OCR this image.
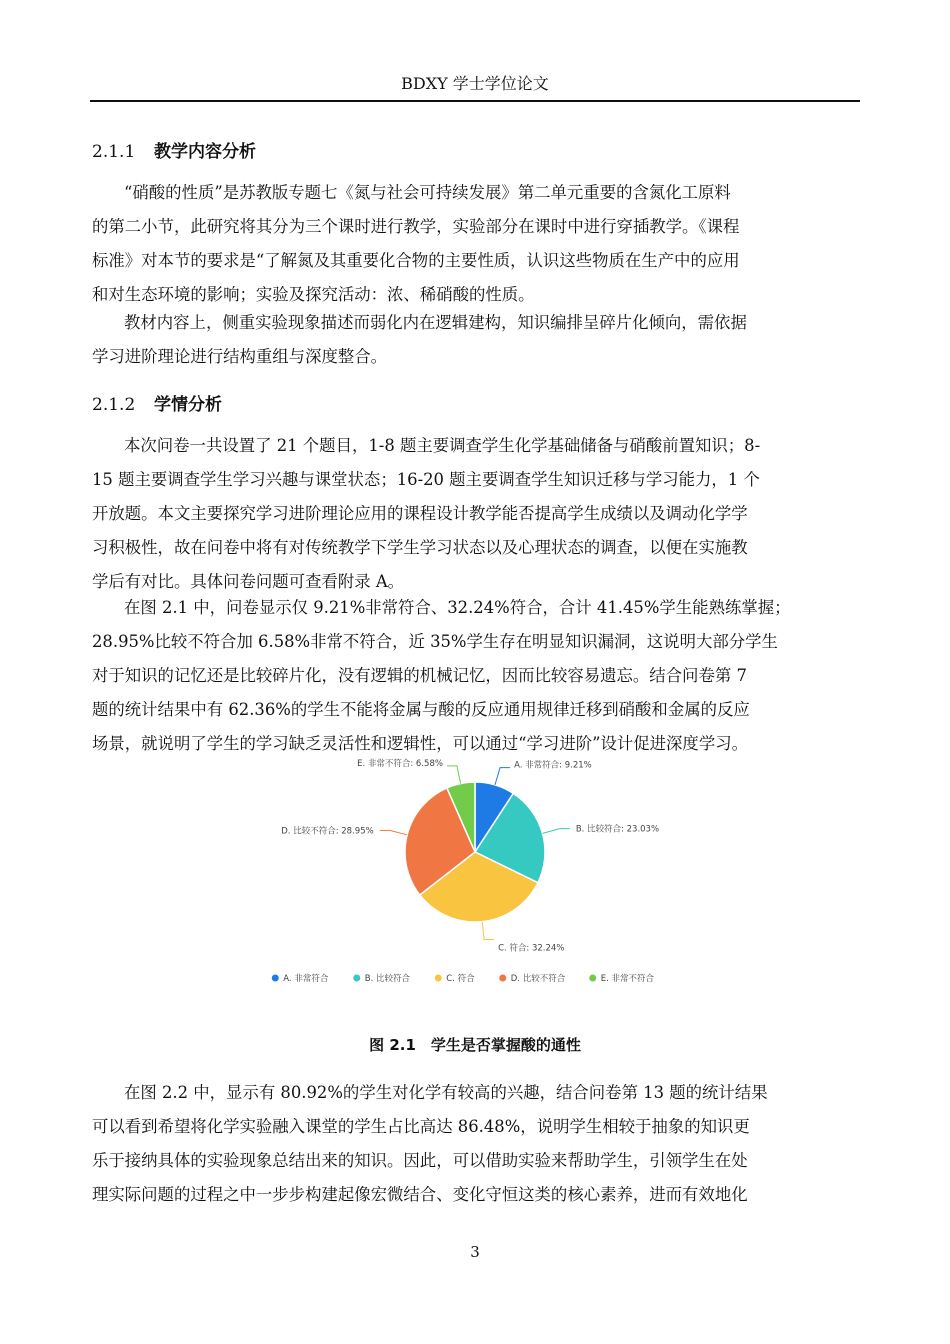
BDXY 学士学位论文
2.1.1 教学内容分析
“硝酸的性质”是苏教版专题七《氮与社会可持续发展》第二单元重要的含氮化工原料
的第二小节，此研究将其分为三个课时进行教学，实验部分在课时中进行穿插教学。《课程
标准》对本节的要求是“了解氮及其重要化合物的主要性质，认识这些物质在生产中的应用
和对生态环境的影响；实验及探究活动：浓、稀硝酸的性质。
教材内容上，侧重实验现象描述而弱化内在逻辑建构，知识编排呈碎片化倾向，需依据
学习进阶理论进行结构重组与深度整合。
2.1.2 学情分析
本次问卷一共设置了 21 个题目，1-8 题主要调查学生化学基础储备与硝酸前置知识；8-
15 题主要调查学生学习兴趣与课堂状态；16-20 题主要调查学生知识迁移与学习能力，1 个
开放题。本文主要探究学习进阶理论应用的课程设计教学能否提高学生成绩以及调动化学学
习积极性，故在问卷中将有对传统教学下学生学习状态以及心理状态的调查，以便在实施教
学后有对比。具体问卷问题可查看附录 A。
在图 2.1 中，问卷显示仅 9.21%非常符合、32.24%符合，合计 41.45%学生能熟练掌握；
28.95%比较不符合加 6.58%非常不符合，近 35%学生存在明显知识漏洞，这说明大部分学生
对于知识的记忆还是比较碎片化，没有逻辑的机械记忆，因而比较容易遗忘。结合问卷第 7
题的统计结果中有 62.36%的学生不能将金属与酸的反应通用规律迁移到硝酸和金属的反应
场景，就说明了学生的学习缺乏灵活性和逻辑性，可以通过“学习进阶”设计促进深度学习。
A. 非常符合: 9.21%
B. 比较符合: 23.03%
C. 符合: 32.24%
D. 比较不符合: 28.95%
E. 非常不符合: 6.58%
A. 非常符合	B. 比较符合	C. 符合	D. 比较不符合	E. 非常不符合
图 2.1　学生是否掌握酸的通性
在图 2.2 中，显示有 80.92%的学生对化学有较高的兴趣，结合问卷第 13 题的统计结果
可以看到希望将化学实验融入课堂的学生占比高达 86.48%，说明学生相较于抽象的知识更
乐于接纳具体的实验现象总结出来的知识。因此，可以借助实验来帮助学生，引领学生在处
理实际问题的过程之中一步步构建起像宏微结合、变化守恒这类的核心素养，进而有效地化
3
